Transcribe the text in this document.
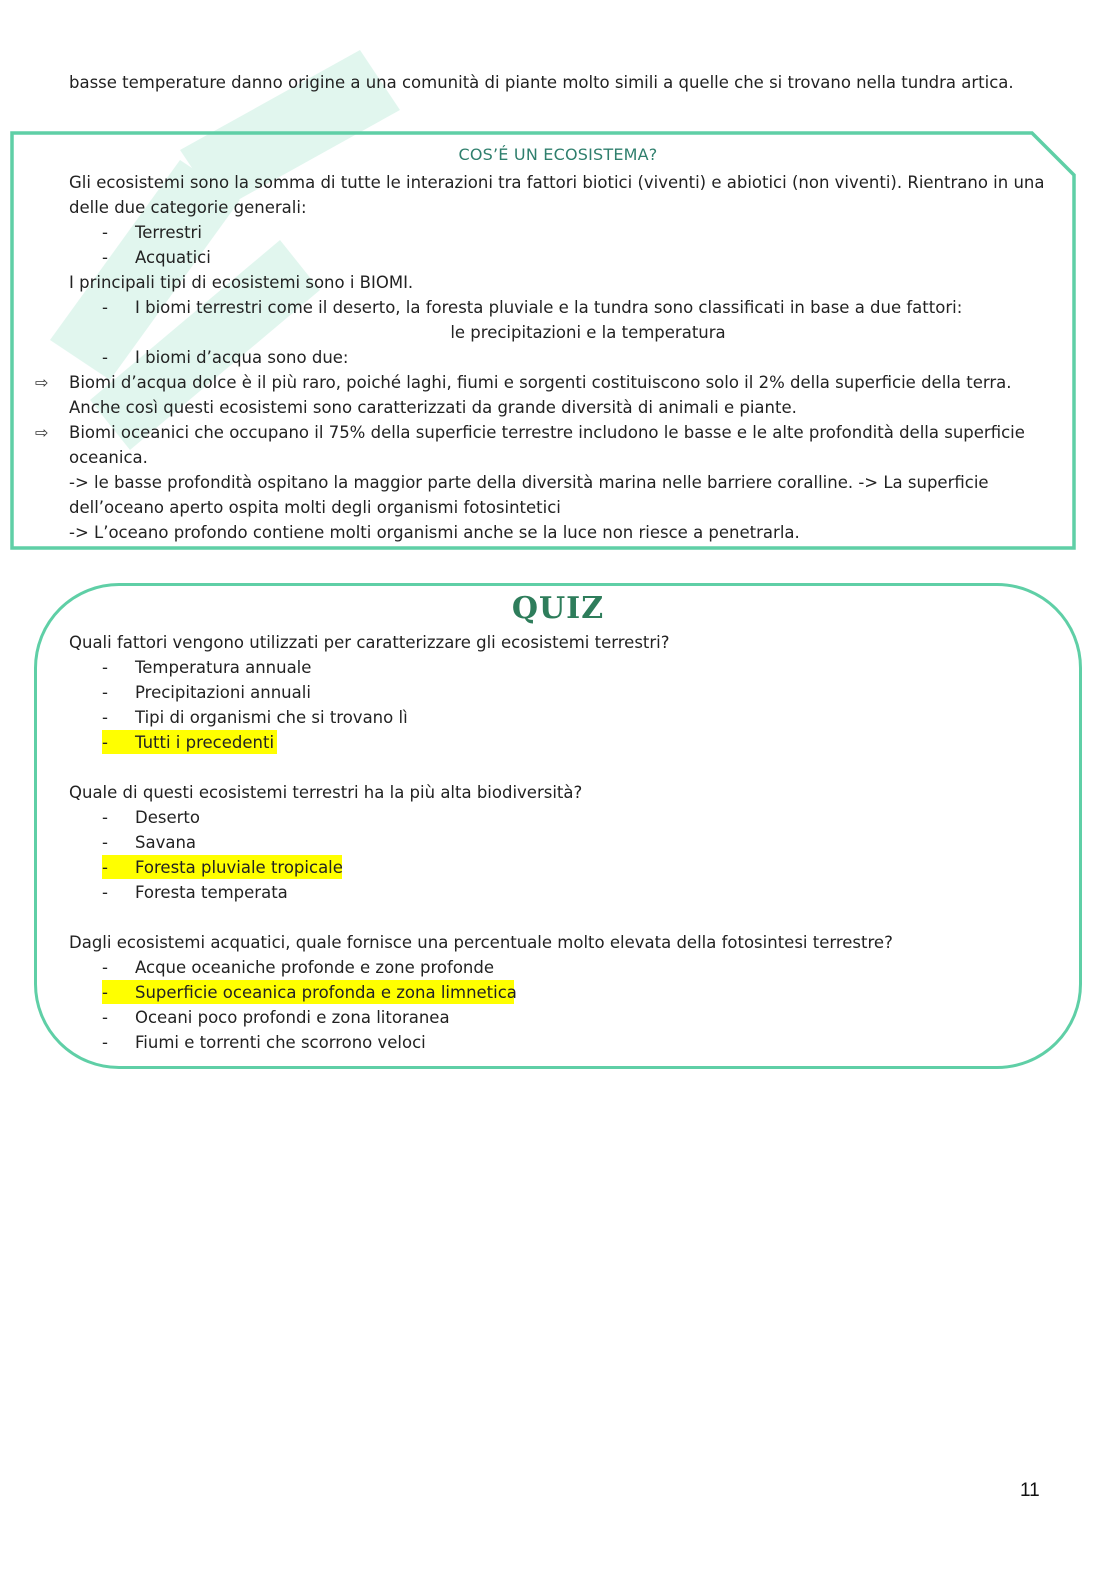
basse temperature danno origine a una comunità di piante molto simili a quelle che si trovano nella tundra artica.
COS’É UN ECOSISTEMA?
Gli ecosistemi sono la somma di tutte le interazioni tra fattori biotici (viventi) e abiotici (non viventi). Rientrano in una
delle due categorie generali:
- Terrestri
- Acquatici
I principali tipi di ecosistemi sono i BIOMI.
- I biomi terrestri come il deserto, la foresta pluviale e la tundra sono classificati in base a due fattori:
le precipitazioni e la temperatura
- I biomi d’acqua sono due:
⇨ Biomi d’acqua dolce è il più raro, poiché laghi, fiumi e sorgenti costituiscono solo il 2% della superficie della terra.
Anche così questi ecosistemi sono caratterizzati da grande diversità di animali e piante.
⇨ Biomi oceanici che occupano il 75% della superficie terrestre includono le basse e le alte profondità della superficie
oceanica.
-> le basse profondità ospitano la maggior parte della diversità marina nelle barriere coralline. -> La superficie
dell’oceano aperto ospita molti degli organismi fotosintetici
-> L’oceano profondo contiene molti organismi anche se la luce non riesce a penetrarla.
QUIZ
Quali fattori vengono utilizzati per caratterizzare gli ecosistemi terrestri?
- Temperatura annuale
- Precipitazioni annuali
- Tipi di organismi che si trovano lì
- Tutti i precedenti
Quale di questi ecosistemi terrestri ha la più alta biodiversità?
- Deserto
- Savana
- Foresta pluviale tropicale
- Foresta temperata
Dagli ecosistemi acquatici, quale fornisce una percentuale molto elevata della fotosintesi terrestre?
- Acque oceaniche profonde e zone profonde
- Superficie oceanica profonda e zona limnetica
- Oceani poco profondi e zona litoranea
- Fiumi e torrenti che scorrono veloci
11
